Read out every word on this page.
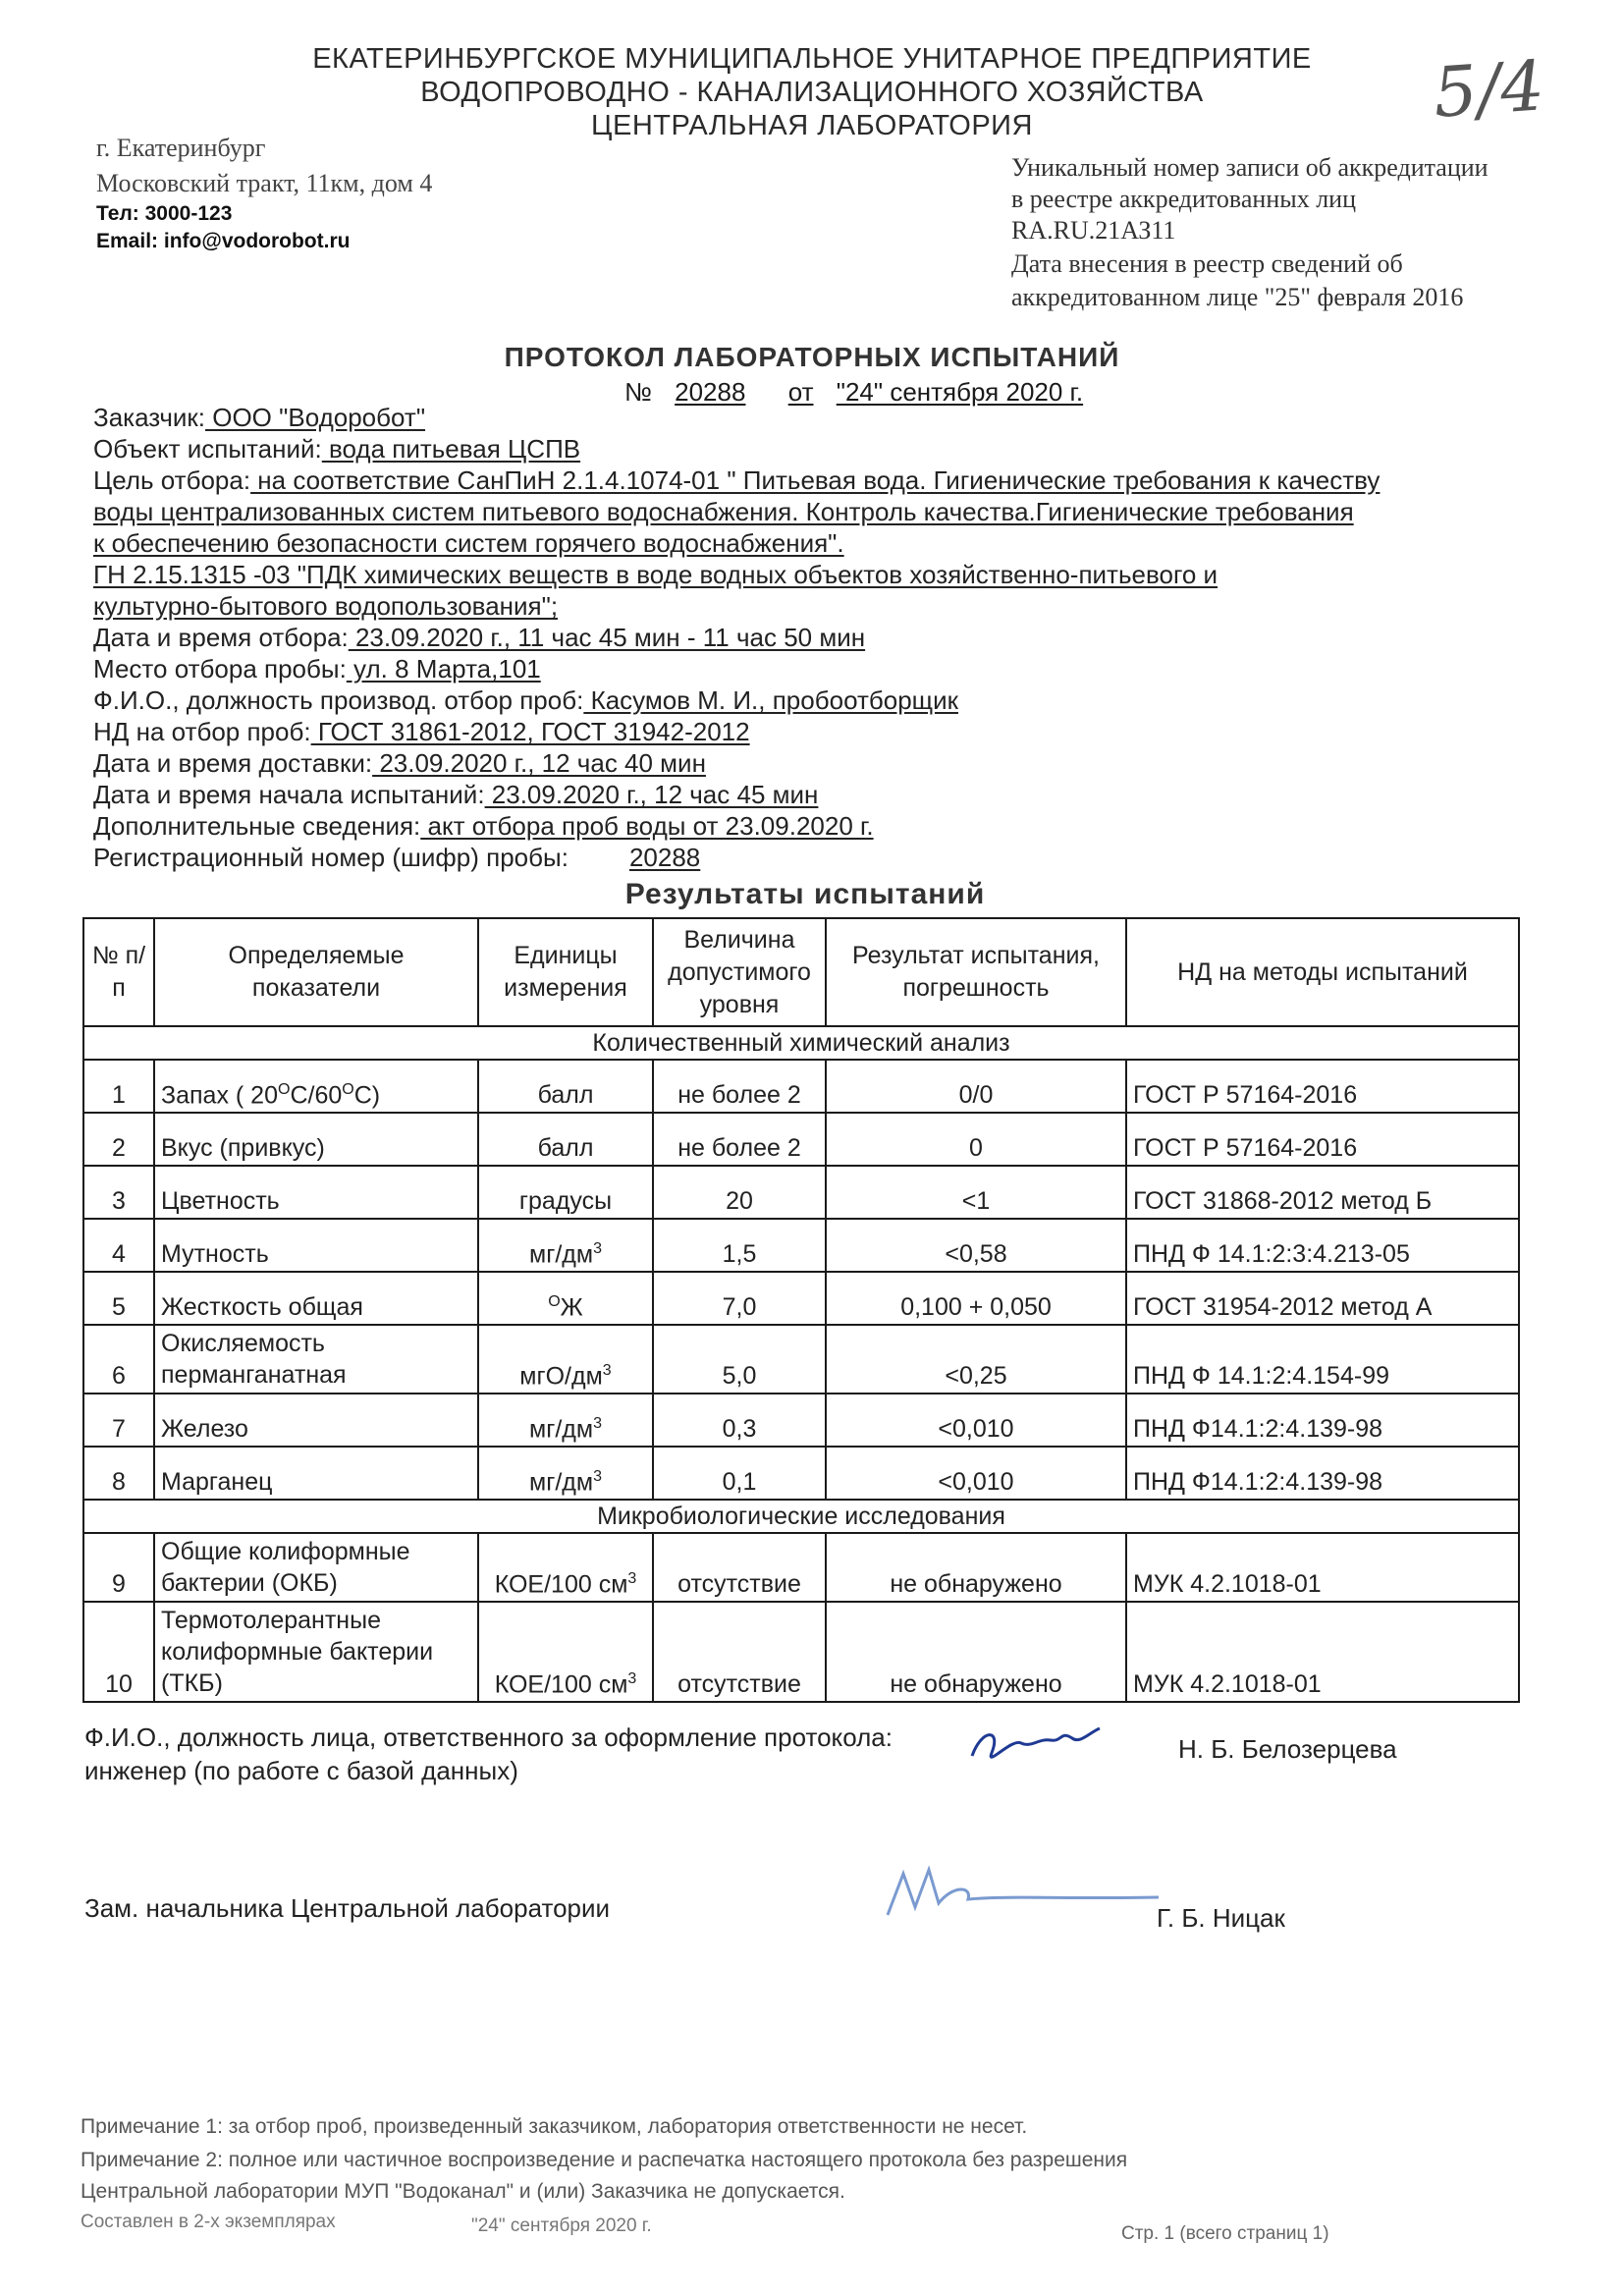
ЕКАТЕРИНБУРГСКОЕ МУНИЦИПАЛЬНОЕ УНИТАРНОЕ ПРЕДПРИЯТИЕ
ВОДОПРОВОДНО - КАНАЛИЗАЦИОННОГО ХОЗЯЙСТВА
ЦЕНТРАЛЬНАЯ ЛАБОРАТОРИЯ	5/4
г. Екатеринбург
Московский тракт, 11км, дом 4
Тел: 3000-123
Email: info@vodorobot.ru
Уникальный номер записи об аккредитации
в реестре аккредитованных лиц
RA.RU.21АЗ11
Дата внесения в реестр сведений об
аккредитованном лице "25" февраля 2016
ПРОТОКОЛ ЛАБОРАТОРНЫХ ИСПЫТАНИЙ
№ 20288 от "24" сентября 2020 г.
Заказчик: ООО "Водоробот"
Объект испытаний: вода питьевая ЦСПВ
Цель отбора: на соответствие СанПиН 2.1.4.1074-01 " Питьевая вода. Гигиенические требования к качеству
воды централизованных систем питьевого водоснабжения. Контроль качества.Гигиенические требования
к обеспечению безопасности систем горячего водоснабжения".
ГН 2.15.1315 -03 "ПДК химических веществ в воде водных объектов хозяйственно-питьевого и
культурно-бытового водопользования";
Дата и время отбора: 23.09.2020 г., 11 час 45 мин - 11 час 50 мин
Место отбора пробы: ул. 8 Марта,101
Ф.И.О., должность производ. отбор проб: Касумов М. И., пробоотборщик
НД на отбор проб: ГОСТ 31861-2012, ГОСТ 31942-2012
Дата и время доставки: 23.09.2020 г., 12 час 40 мин
Дата и время начала испытаний: 23.09.2020 г., 12 час 45 мин
Дополнительные сведения: акт отбора проб воды от 23.09.2020 г.
Регистрационный номер (шифр) пробы: 20288
Результаты испытаний
№ п/п	Определяемые показатели	Единицы измерения	Величина допустимого уровня	Результат испытания, погрешность	НД на методы испытаний
Количественный химический анализ					
1	Запах ( $20^OС/60^OС$)	балл	не более 2	0/0	ГОСТ Р 57164-2016
2	Вкус (привкус)	балл	не более 2	0	ГОСТ Р 57164-2016
3	Цветность	градусы	20	<1	ГОСТ 31868-2012 метод Б
4	Мутность	$мг/дм^3$	1,5	<0,58	ПНД Ф 14.1:2:3:4.213-05
5	Жесткость общая	$^O$Ж	7,0	0,100 + 0,050	ГОСТ 31954-2012 метод А
6	Окисляемость перманганатная	мгО/$дм^3$	5,0	<0,25	ПНД Ф 14.1:2:4.154-99
7	Железо	$мг/дм^3$	0,3	<0,010	ПНД Ф14.1:2:4.139-98
8	Марганец	$мг/дм^3$	0,1	<0,010	ПНД Ф14.1:2:4.139-98
Микробиологические исследования					
9	Общие колиформные бактерии (ОКБ)	КОЕ/100 $см^3$	отсутствие	не обнаружено	МУК 4.2.1018-01
10	Термотолерантные колиформные бактерии (ТКБ)	КОЕ/100 $см^3$	отсутствие	не обнаружено	МУК 4.2.1018-01
Ф.И.О., должность лица, ответственного за оформление протокола:
инженер (по работе с базой данных)
Н. Б. Белозерцева
Зам. начальника Центральной лаборатории	Г. Б. Ницак
Примечание 1: за отбор проб, произведенный заказчиком, лаборатория ответственности не несет.
Примечание 2: полное или частичное воспроизведение и распечатка настоящего протокола без разрешения
Центральной лаборатории МУП "Водоканал" и (или) Заказчика не допускается.
Составлен в 2-х экземплярах	"24" сентября 2020 г.	Стр. 1 (всего страниц 1)
